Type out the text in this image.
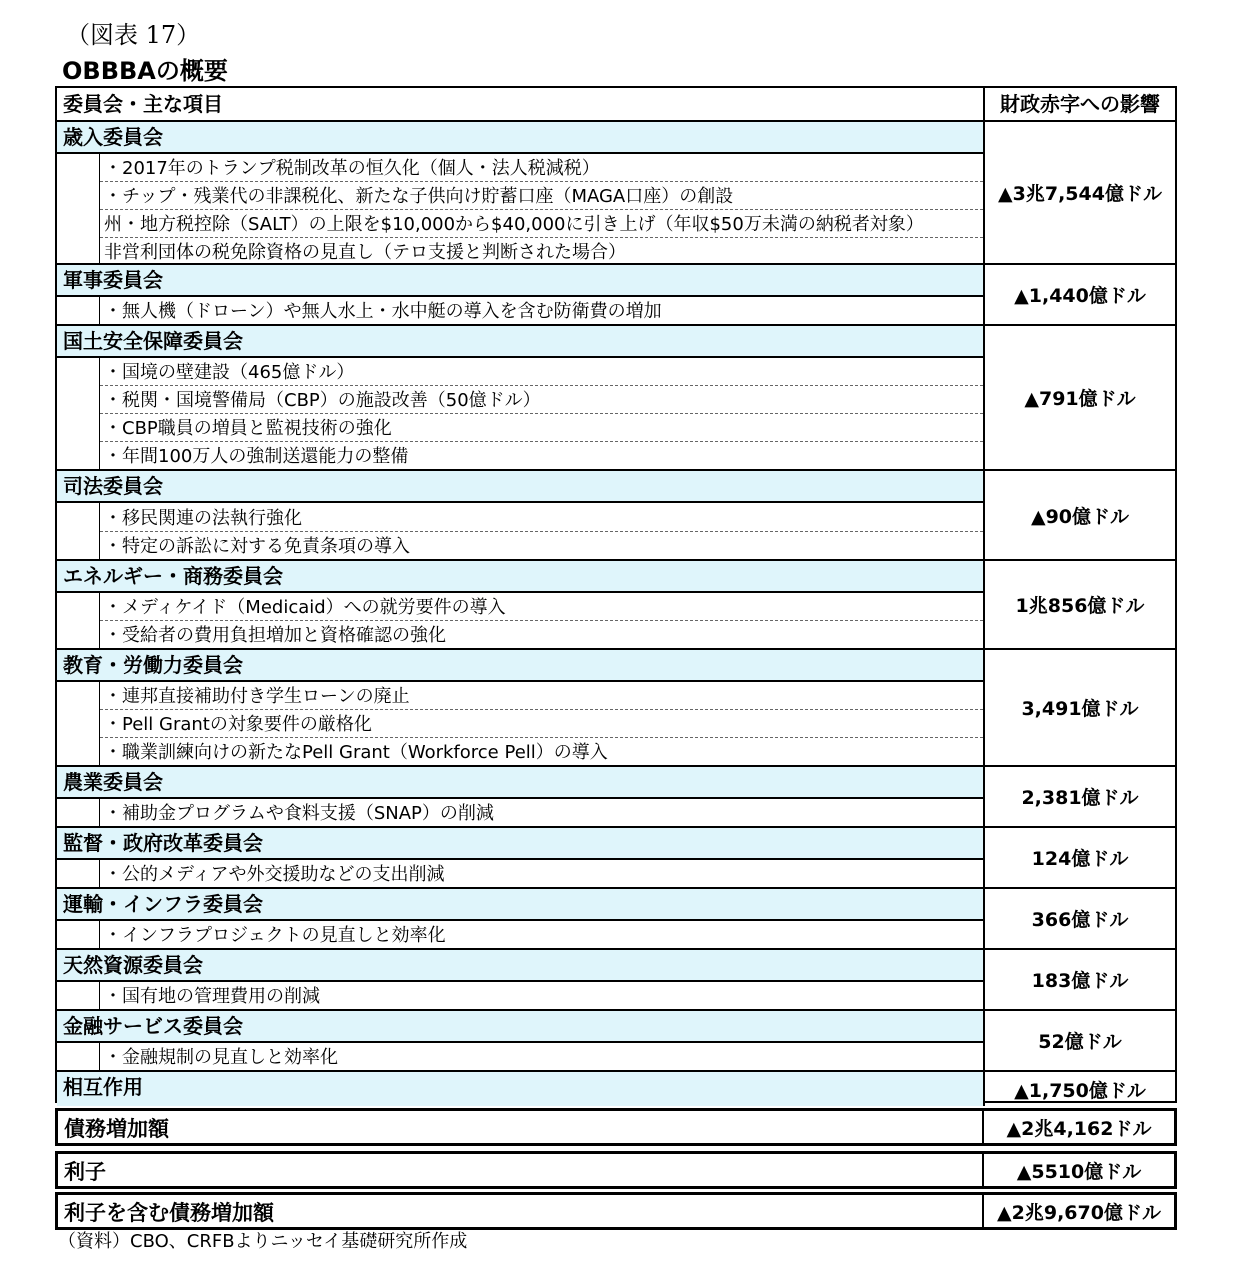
（図表 17）
OBBBAの概要
委員会・主な項目	財政赤字への影響
歳入委員会
・2017年のトランプ税制改革の恒久化（個人・法人税減税）
・チップ・残業代の非課税化、新たな子供向け貯蓄口座（MAGA口座）の創設
州・地方税控除（SALT）の上限を$10,000から$40,000に引き上げ（年収$50万未満の納税者対象）
非営利団体の税免除資格の見直し（テロ支援と判断された場合）
▲3兆7,544億ドル
軍事委員会
・無人機（ドローン）や無人水上・水中艇の導入を含む防衛費の増加
▲1,440億ドル
国土安全保障委員会
・国境の壁建設（465億ドル）
・税関・国境警備局（CBP）の施設改善（50億ドル）
・CBP職員の増員と監視技術の強化
・年間100万人の強制送還能力の整備
▲791億ドル
司法委員会
・移民関連の法執行強化
・特定の訴訟に対する免責条項の導入
▲90億ドル
エネルギー・商務委員会
・メディケイド（Medicaid）への就労要件の導入
・受給者の費用負担増加と資格確認の強化
1兆856億ドル
教育・労働力委員会
・連邦直接補助付き学生ローンの廃止
・Pell Grantの対象要件の厳格化
・職業訓練向けの新たなPell Grant（Workforce Pell）の導入
3,491億ドル
農業委員会
・補助金プログラムや食料支援（SNAP）の削減
2,381億ドル
監督・政府改革委員会
・公的メディアや外交援助などの支出削減
124億ドル
運輸・インフラ委員会
・インフラプロジェクトの見直しと効率化
366億ドル
天然資源委員会
・国有地の管理費用の削減
183億ドル
金融サービス委員会
・金融規制の見直しと効率化
52億ドル
相互作用	▲1,750億ドル
債務増加額	▲2兆4,162ドル
利子	▲5510億ドル
利子を含む債務増加額	▲2兆9,670億ドル
（資料）CBO、CRFBよりニッセイ基礎研究所作成
